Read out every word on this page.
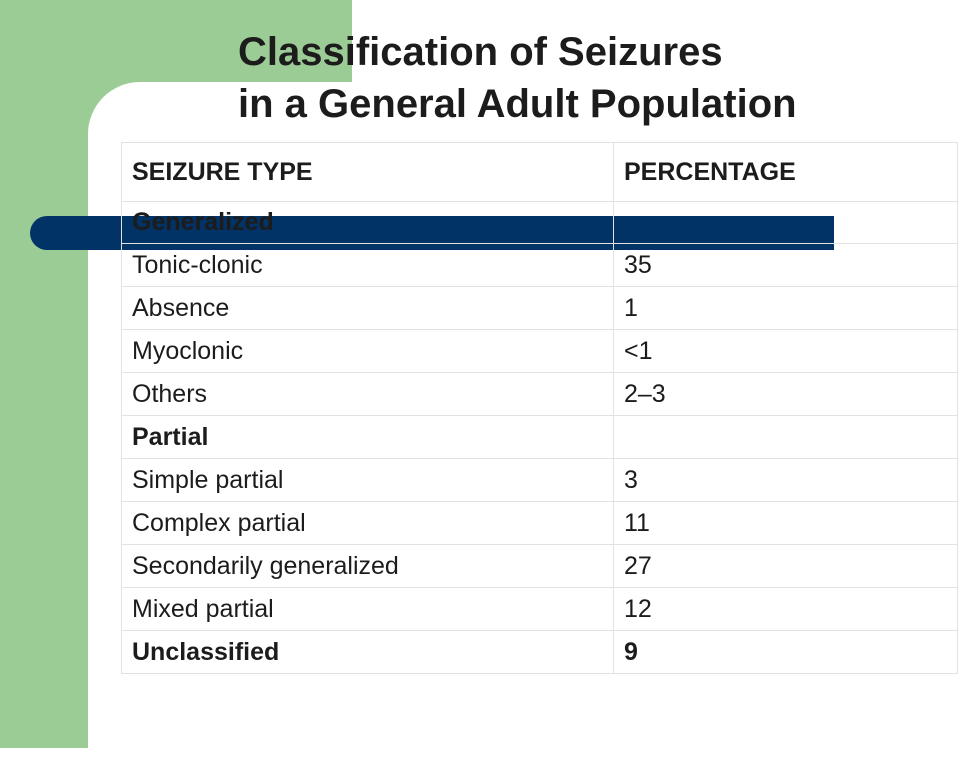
Classification of Seizures
in a General Adult Population
SEIZURE TYPE	PERCENTAGE
Generalized	
Tonic-clonic	35
Absence	1
Myoclonic	<1
Others	2–3
Partial	
Simple partial	3
Complex partial	11
Secondarily generalized	27
Mixed partial	12
Unclassified	9
